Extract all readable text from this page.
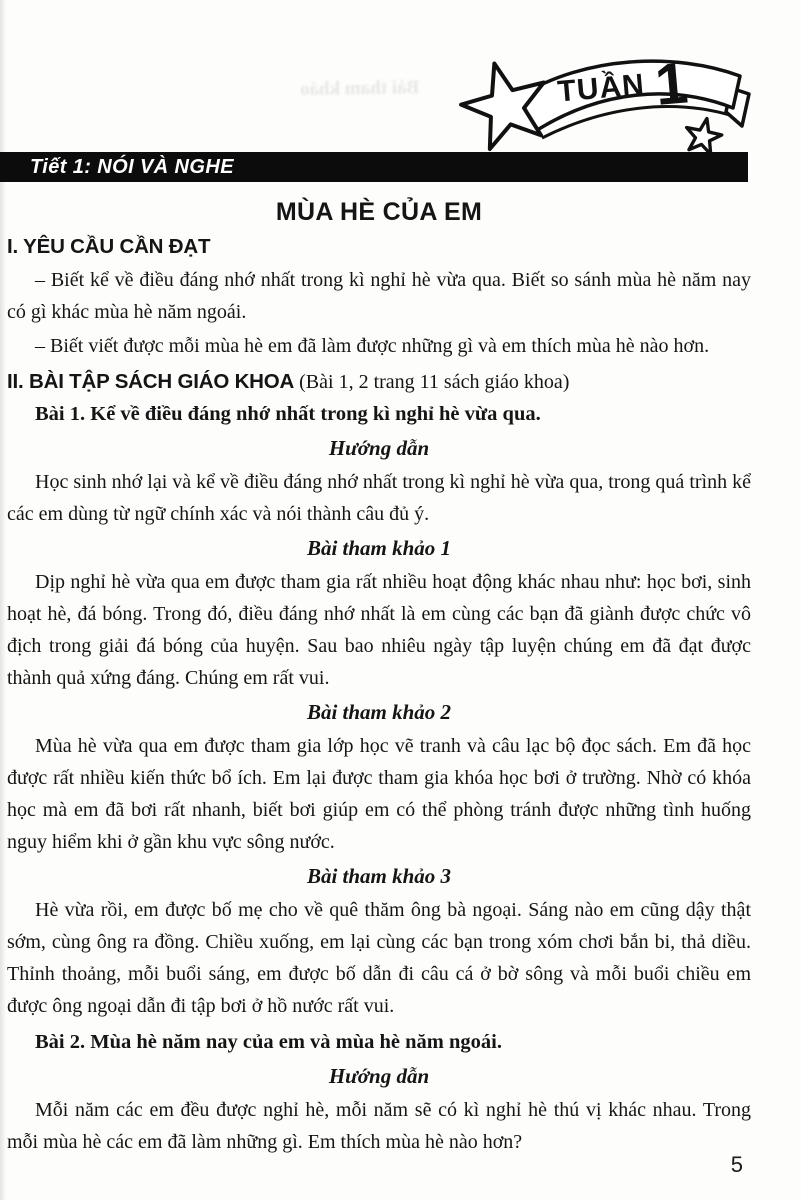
Bài tham khảo	TUẦN 1
Tiết 1: NÓI VÀ NGHE
MÙA HÈ CỦA EM
I. YÊU CẦU CẦN ĐẠT

– Biết kể về điều đáng nhớ nhất trong kì nghỉ hè vừa qua. Biết so sánh mùa hè năm nay có gì khác mùa hè năm ngoái.

– Biết viết được mỗi mùa hè em đã làm được những gì và em thích mùa hè nào hơn.

II. BÀI TẬP SÁCH GIÁO KHOA (Bài 1, 2 trang 11 sách giáo khoa)

Bài 1. Kể về điều đáng nhớ nhất trong kì nghỉ hè vừa qua.

Hướng dẫn

Học sinh nhớ lại và kể về điều đáng nhớ nhất trong kì nghỉ hè vừa qua, trong quá trình kể các em dùng từ ngữ chính xác và nói thành câu đủ ý.

Bài tham khảo 1

Dịp nghỉ hè vừa qua em được tham gia rất nhiều hoạt động khác nhau như: học bơi, sinh hoạt hè, đá bóng. Trong đó, điều đáng nhớ nhất là em cùng các bạn đã giành được chức vô địch trong giải đá bóng của huyện. Sau bao nhiêu ngày tập luyện chúng em đã đạt được thành quả xứng đáng. Chúng em rất vui.

Bài tham khảo 2

Mùa hè vừa qua em được tham gia lớp học vẽ tranh và câu lạc bộ đọc sách. Em đã học được rất nhiều kiến thức bổ ích. Em lại được tham gia khóa học bơi ở trường. Nhờ có khóa học mà em đã bơi rất nhanh, biết bơi giúp em có thể phòng tránh được những tình huống nguy hiểm khi ở gần khu vực sông nước.

Bài tham khảo 3

Hè vừa rồi, em được bố mẹ cho về quê thăm ông bà ngoại. Sáng nào em cũng dậy thật sớm, cùng ông ra đồng. Chiều xuống, em lại cùng các bạn trong xóm chơi bắn bi, thả diều. Thỉnh thoảng, mỗi buổi sáng, em được bố dẫn đi câu cá ở bờ sông và mỗi buổi chiều em được ông ngoại dẫn đi tập bơi ở hồ nước rất vui.

Bài 2. Mùa hè năm nay của em và mùa hè năm ngoái.

Hướng dẫn

Mỗi năm các em đều được nghỉ hè, mỗi năm sẽ có kì nghỉ hè thú vị khác nhau. Trong mỗi mùa hè các em đã làm những gì. Em thích mùa hè nào hơn?

5
